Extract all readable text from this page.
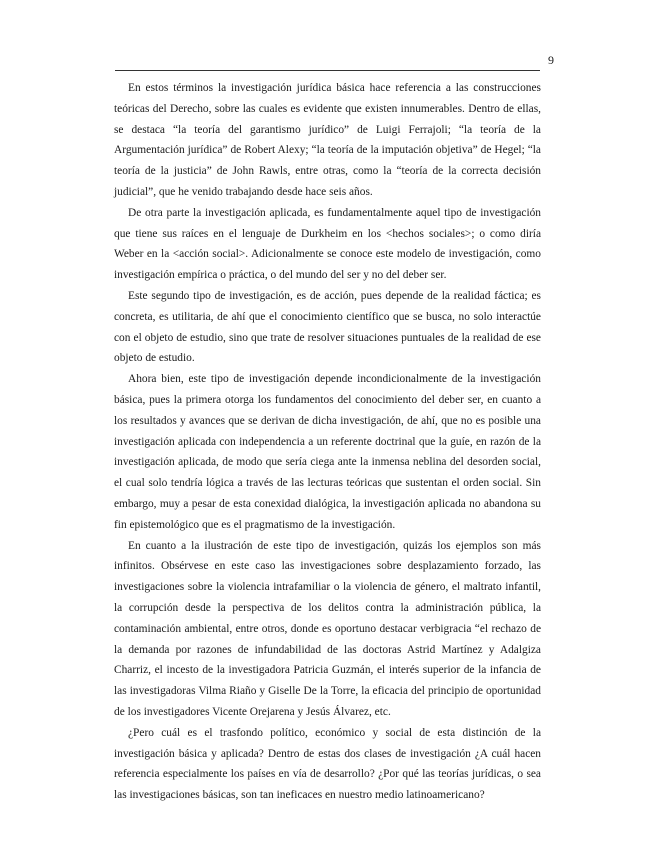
9

En estos términos la investigación jurídica básica hace referencia a las construcciones teóricas del Derecho, sobre las cuales es evidente que existen innumerables. Dentro de ellas, se destaca “la teoría del garantismo jurídico” de Luigi Ferrajoli; “la teoría de la Argumentación jurídica” de Robert Alexy; “la teoría de la imputación objetiva” de Hegel; “la teoría de la justicia” de John Rawls, entre otras, como la “teoría de la correcta decisión judicial”, que he venido trabajando desde hace seis años.

De otra parte la investigación aplicada, es fundamentalmente aquel tipo de investigación que tiene sus raíces en el lenguaje de Durkheim en los <hechos sociales>; o como diría Weber en la <acción social>. Adicionalmente se conoce este modelo de investigación, como investigación empírica o práctica, o del mundo del ser y no del deber ser.

Este segundo tipo de investigación, es de acción, pues depende de la realidad fáctica; es concreta, es utilitaria, de ahí que el conocimiento científico que se busca, no solo interactúe con el objeto de estudio, sino que trate de resolver situaciones puntuales de la realidad de ese objeto de estudio.

Ahora bien, este tipo de investigación depende incondicionalmente de la investigación básica, pues la primera otorga los fundamentos del conocimiento del deber ser, en cuanto a los resultados y avances que se derivan de dicha investigación, de ahí, que no es posible una investigación aplicada con independencia a un referente doctrinal que la guíe, en razón de la investigación aplicada, de modo que sería ciega ante la inmensa neblina del desorden social, el cual solo tendría lógica a través de las lecturas teóricas que sustentan el orden social. Sin embargo, muy a pesar de esta conexidad dialógica, la investigación aplicada no abandona su fin epistemológico que es el pragmatismo de la investigación.

En cuanto a la ilustración de este tipo de investigación, quizás los ejemplos son más infinitos. Obsérvese en este caso las investigaciones sobre desplazamiento forzado, las investigaciones sobre la violencia intrafamiliar o la violencia de género, el maltrato infantil, la corrupción desde la perspectiva de los delitos contra la administración pública, la contaminación ambiental, entre otros, donde es oportuno destacar verbigracia “el rechazo de la demanda por razones de infundabilidad de las doctoras Astrid Martínez y Adalgiza Charriz, el incesto de la investigadora Patricia Guzmán, el interés superior de la infancia de las investigadoras Vilma Riaño y Giselle De la Torre, la eficacia del principio de oportunidad de los investigadores Vicente Orejarena y Jesús Álvarez, etc.

¿Pero cuál es el trasfondo político, económico y social de esta distinción de la investigación básica y aplicada? Dentro de estas dos clases de investigación ¿A cuál hacen referencia especialmente los países en vía de desarrollo? ¿Por qué las teorías jurídicas, o sea las investigaciones básicas, son tan ineficaces en nuestro medio latinoamericano?
